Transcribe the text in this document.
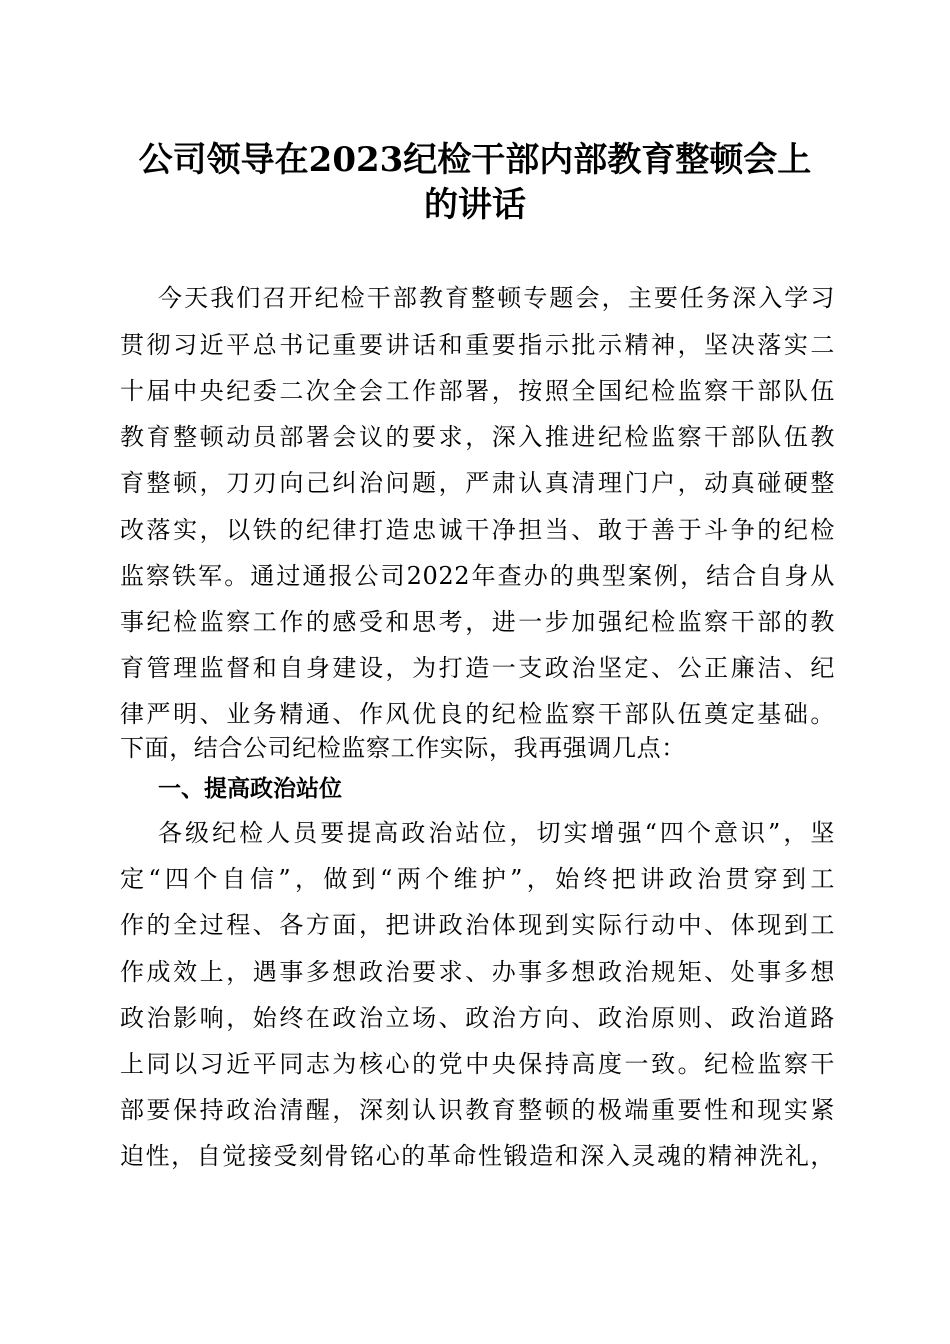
公司领导在2023纪检干部内部教育整顿会上
的讲话
今天我们召开纪检干部教育整顿专题会，主要任务深入学习
贯彻习近平总书记重要讲话和重要指示批示精神，坚决落实二
十届中央纪委二次全会工作部署，按照全国纪检监察干部队伍
教育整顿动员部署会议的要求，深入推进纪检监察干部队伍教
育整顿，刀刃向己纠治问题，严肃认真清理门户，动真碰硬整
改落实，以铁的纪律打造忠诚干净担当、敢于善于斗争的纪检
监察铁军。通过通报公司2022年查办的典型案例，结合自身从
事纪检监察工作的感受和思考，进一步加强纪检监察干部的教
育管理监督和自身建设，为打造一支政治坚定、公正廉洁、纪
律严明、业务精通、作风优良的纪检监察干部队伍奠定基础。
下面，结合公司纪检监察工作实际，我再强调几点：
一、提高政治站位
各级纪检人员要提高政治站位，切实增强“四个意识”，坚
定“四个自信”，做到“两个维护”，始终把讲政治贯穿到工
作的全过程、各方面，把讲政治体现到实际行动中、体现到工
作成效上，遇事多想政治要求、办事多想政治规矩、处事多想
政治影响，始终在政治立场、政治方向、政治原则、政治道路
上同以习近平同志为核心的党中央保持高度一致。纪检监察干
部要保持政治清醒，深刻认识教育整顿的极端重要性和现实紧
迫性，自觉接受刻骨铭心的革命性锻造和深入灵魂的精神洗礼，
